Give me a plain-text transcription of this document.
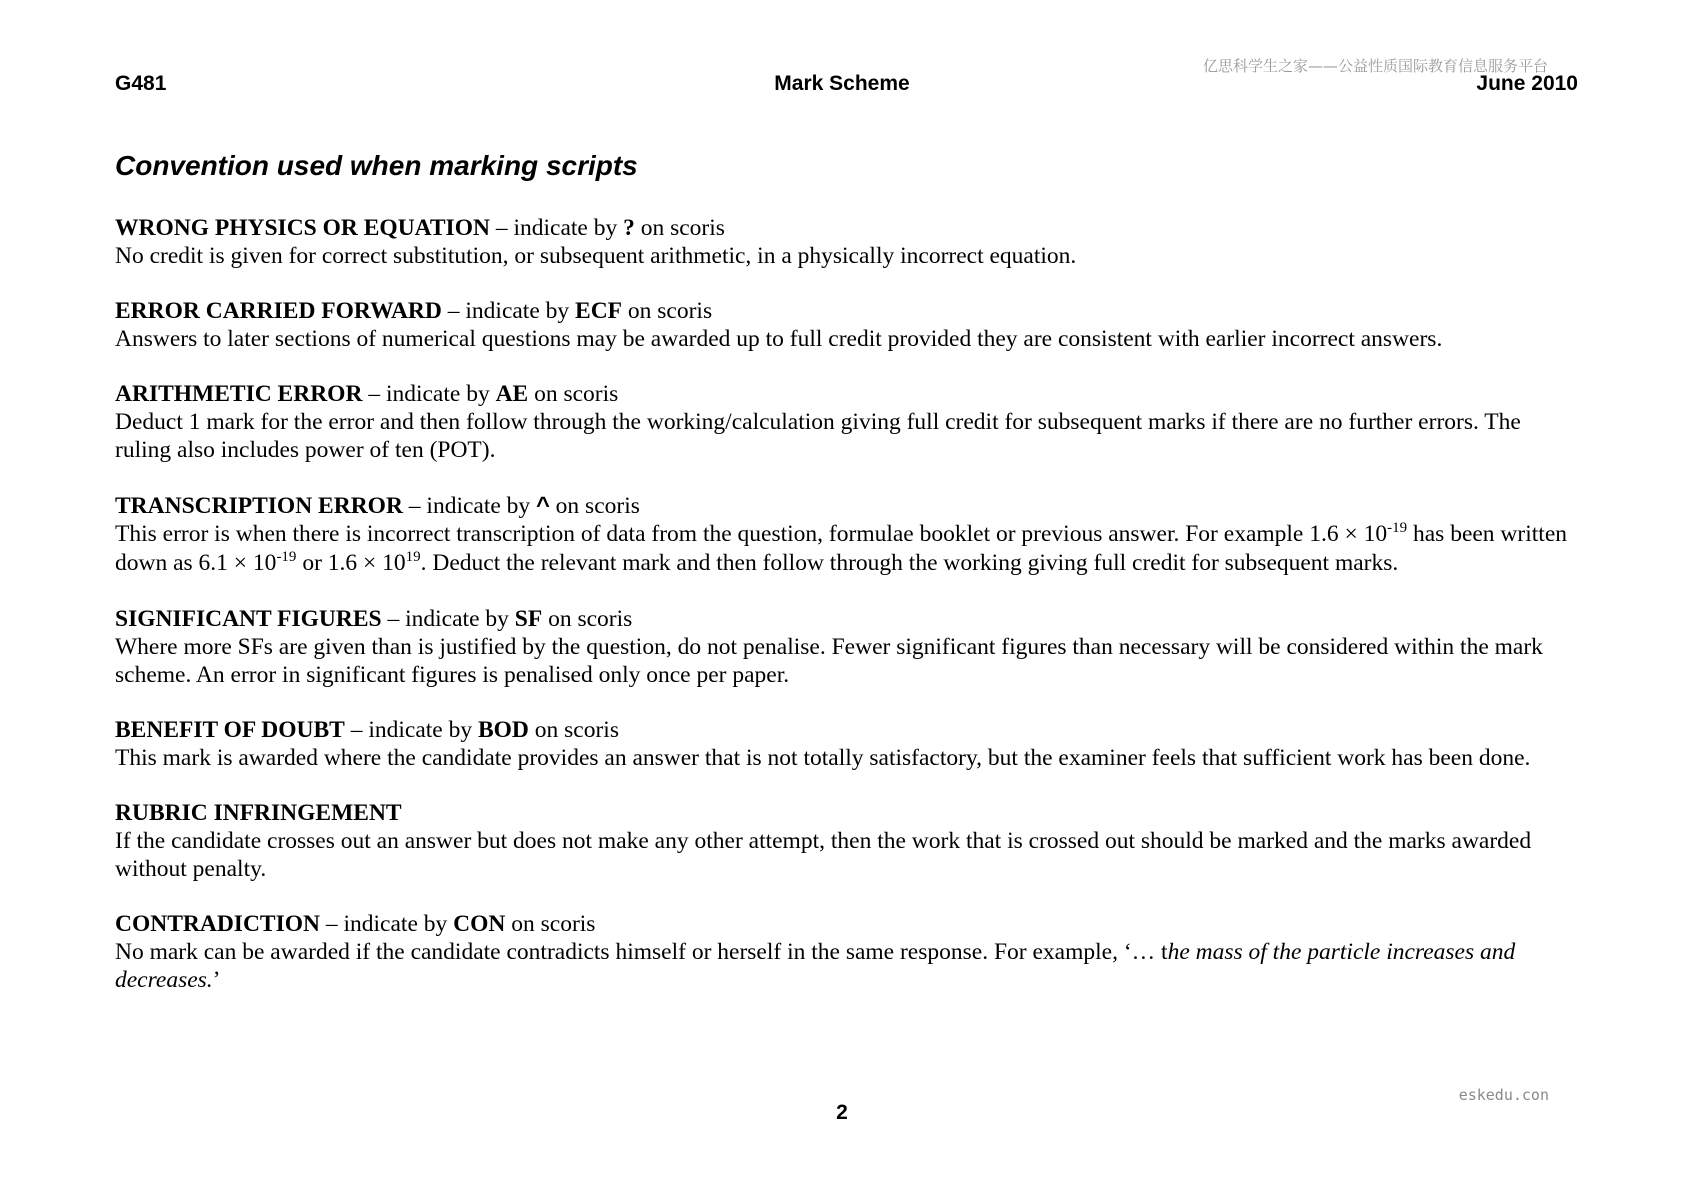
G481	Mark Scheme	June 2010
亿思科学生之家——公益性质国际教育信息服务平台
Convention used when marking scripts

WRONG PHYSICS OR EQUATION – indicate by ? on scoris

No credit is given for correct substitution, or subsequent arithmetic, in a physically incorrect equation.

ERROR CARRIED FORWARD – indicate by ECF on scoris

Answers to later sections of numerical questions may be awarded up to full credit provided they are consistent with earlier incorrect answers.

ARITHMETIC ERROR – indicate by AE on scoris

Deduct 1 mark for the error and then follow through the working/calculation giving full credit for subsequent marks if there are no further errors. The ruling also includes power of ten (POT).

TRANSCRIPTION ERROR – indicate by ^ on scoris

This error is when there is incorrect transcription of data from the question, formulae booklet or previous answer. For example $1.6 \times 10^{-19}$ has been written down as $6.1 \times 10^{-19}$ or $1.6 \times 10^{19}$. Deduct the relevant mark and then follow through the working giving full credit for subsequent marks.

SIGNIFICANT FIGURES – indicate by SF on scoris

Where more SFs are given than is justified by the question, do not penalise. Fewer significant figures than necessary will be considered within the mark scheme. An error in significant figures is penalised only once per paper.

BENEFIT OF DOUBT – indicate by BOD on scoris

This mark is awarded where the candidate provides an answer that is not totally satisfactory, but the examiner feels that sufficient work has been done.

RUBRIC INFRINGEMENT

If the candidate crosses out an answer but does not make any other attempt, then the work that is crossed out should be marked and the marks awarded without penalty.

CONTRADICTION – indicate by CON on scoris

No mark can be awarded if the candidate contradicts himself or herself in the same response. For example, ‘… the mass of the particle increases and decreases.’

eskedu.con
2
